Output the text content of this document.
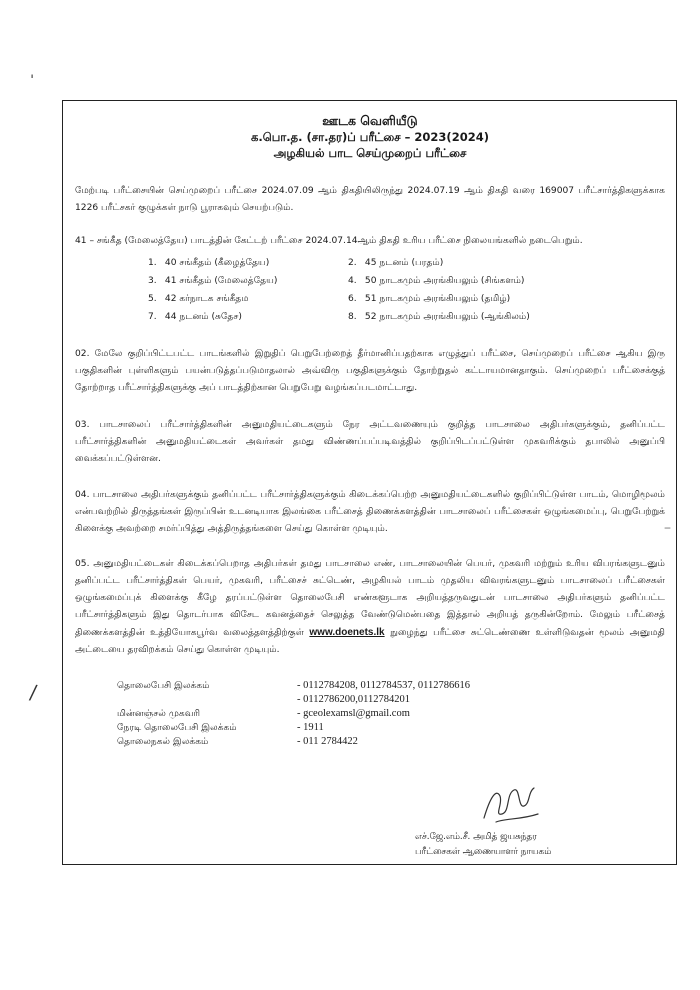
ˈ
/
–
ஊடக வெளியீடு
க.பொ.த. (சா.தர)ப் பரீட்சை – 2023(2024)
அழகியல் பாட செய்முறைப் பரீட்சை

மேற்படி பரீட்சையின் செய்முறைப் பரீட்சை 2024.07.09 ஆம் திகதியிலிருந்து 2024.07.19 ஆம் திகதி வரை 169007 பரீட்சார்த்திகளுக்காக 1226 பரீட்சகர் குழுக்கள் நாடு பூராகவும் செயற்படும்.

41 – சங்கீத (மேலைத்தேய) பாடத்தின் கேட்டற் பரீட்சை 2024.07.14ஆம் திகதி உரிய பரீட்சை நிலையங்களில் நடைபெறும்.

1. 40 சங்கீதம் (கீழைத்தேய)	2. 45 நடனம் (பரதம்)
3. 41 சங்கீதம் (மேலைத்தேய)	4. 50 நாடகமும் அரங்கியலும் (சிங்களம்)
5. 42 கர்நாடக சங்கீதம	6. 51 நாடகமும் அரங்கியலும் (தமிழ்)
7. 44 நடனம் (சுதேச)	8. 52 நாடகமும் அரங்கியலும் (ஆங்கிலம்)

02. மேலே குறிப்பிட்டபட்ட பாடங்களில் இறுதிப் பெறுபேற்றைத் தீர்மானிப்பதற்காக எழுத்துப் பரீட்சை, செய்முறைப் பரீட்சை ஆகிய இரு பகுதிகளின் புள்ளிகளும் பயன்படுத்தப்படுமாதலால் அவ்விரு பகுதிகளுக்கும் தோற்றுதல் கட்டாயமானதாகும். செய்முறைப் பரீட்சைக்குத் தோற்றாத பரீட்சார்த்திகளுக்கு அப் பாடத்திற்கான பெறுபேறு வழங்கப்படமாட்டாது.

03. பாடசாலைப் பரீட்சார்த்திகளின் அனுமதியட்டைகளும் நேர அட்டவணையும் குறித்த பாடசாலை அதிபர்களுக்கும், தனிப்பட்ட பரீட்சார்த்திகளின் அனுமதியட்டைகள் அவர்கள் தமது விண்ணப்பப்படிவத்தில் குறிப்பிடப்பட்டுள்ள முகவரிக்கும் தபாலில் அனுப்பி வைக்கப்பட்டுள்ளன.

04. பாடசாலை அதிபர்களுக்கும் தனிப்பட்ட பரீட்சார்த்திகளுக்கும் கிடைக்கப்பெற்ற அனுமதியட்டைகளில் குறிப்பிட்டுள்ள பாடம், மொழிமூலம் என்பவற்றில் திருத்தங்கள் இருப்பின் உடனடியாக இலங்கை பரீட்சைத் திணைக்களத்தின் பாடசாலைப் பரீட்சைகள் ஒழுங்கமைப்பு, பெறுபேற்றுக் கிளைக்கு அவற்றை சமர்ப்பித்து அத்திருத்தங்களை செய்து கொள்ள முடியும்.

05. அனுமதியட்டைகள் கிடைக்கப்பெறாத அதிபர்கள் தமது பாடசாலை எண், பாடசாலையின் பெயர், முகவரி மற்றும் உரிய விபரங்களுடனும் தனிப்பட்ட பரீட்சார்த்திகள் பெயர், முகவரி, பரீட்சைச் சுட்டெண், அழகியல் பாடம் முதலிய விவரங்களுடனும் பாடசாலைப் பரீட்சைகள் ஒழுங்கமைப்புக் கிளைக்கு கீழே தரப்பட்டுள்ள தொலைபேசி எண்களூடாக அறியத்தருவதுடன் பாடசாலை அதிபர்களும் தனிப்பட்ட பரீட்சார்த்திகளும் இது தொடர்பாக விசேட கவனத்தைச் செலுத்த வேண்டுமென்பதை இத்தால் அறியத் தருகின்றோம். மேலும் பரீட்சைத் திணைக்களத்தின் உத்தியோகபூர்வ வலைத்தளத்திற்குள் www.doenets.lk நுழைந்து பரீட்சை சுட்டெண்ணை உள்ளிடுவதன் மூலம் அனுமதி அட்டையை தரவிறக்கம் செய்து கொள்ள முடியும்.

தொலைபேசி இலக்கம்	- 0112784208, 0112784537, 0112786616
- 0112786200,0112784201
மின்னஞ்சல் முகவரி	- gceolexamsl@gmail.com
நேரடி தொலைபேசி இலக்கம்	- 1911
தொலைநகல் இலக்கம்	- 011 2784422
எச்.ஜே.எம்.சீ. அமித் ஜயசுந்தர
பரீட்சைகள் ஆணையாளர் நாயகம்
